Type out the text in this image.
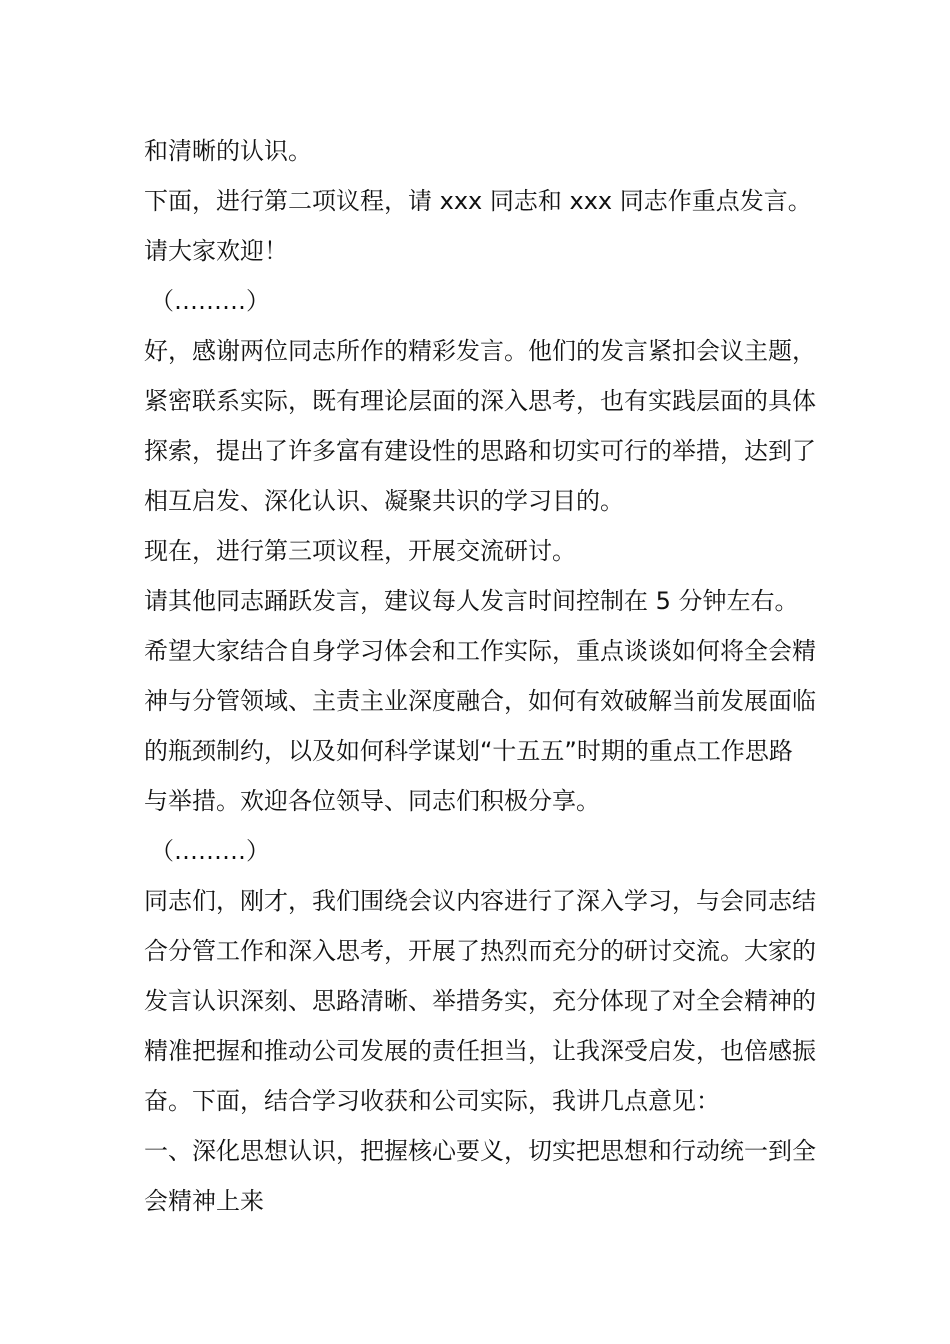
和清晰的认识。

下面，进行第二项议程，请 xxx 同志和 xxx 同志作重点发言。

请大家欢迎！

（………）

好，感谢两位同志所作的精彩发言。他们的发言紧扣会议主题，紧密联系实际，既有理论层面的深入思考，也有实践层面的具体探索，提出了许多富有建设性的思路和切实可行的举措，达到了相互启发、深化认识、凝聚共识的学习目的。

现在，进行第三项议程，开展交流研讨。

请其他同志踊跃发言，建议每人发言时间控制在 5 分钟左右。希望大家结合自身学习体会和工作实际，重点谈谈如何将全会精神与分管领域、主责主业深度融合，如何有效破解当前发展面临的瓶颈制约，以及如何科学谋划“十五五”时期的重点工作思路与举措。欢迎各位领导、同志们积极分享。

（………）

同志们，刚才，我们围绕会议内容进行了深入学习，与会同志结合分管工作和深入思考，开展了热烈而充分的研讨交流。大家的发言认识深刻、思路清晰、举措务实，充分体现了对全会精神的精准把握和推动公司发展的责任担当，让我深受启发，也倍感振奋。下面，结合学习收获和公司实际，我讲几点意见：

一、深化思想认识，把握核心要义，切实把思想和行动统一到全会精神上来
